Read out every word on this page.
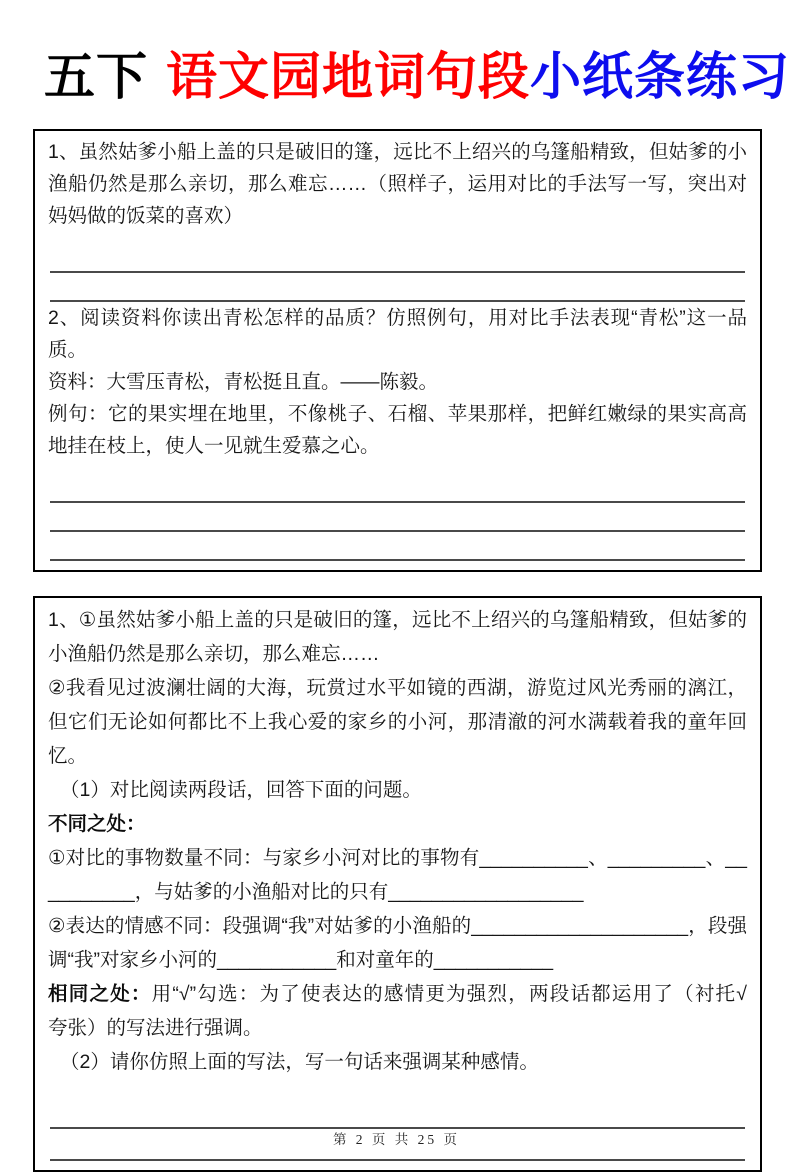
五下 语文园地词句段小纸条练习

1、虽然姑爹小船上盖的只是破旧的篷，远比不上绍兴的乌篷船精致，但姑爹的小渔船仍然是那么亲切，那么难忘……（照样子，运用对比的手法写一写，突出对妈妈做的饭菜的喜欢）

2、阅读资料你读出青松怎样的品质？仿照例句，用对比手法表现“青松”这一品质。

资料：大雪压青松，青松挺且直。——陈毅。

例句：它的果实埋在地里，不像桃子、石榴、苹果那样，把鲜红嫩绿的果实高高地挂在枝上，使人一见就生爱慕之心。

1、①虽然姑爹小船上盖的只是破旧的篷，远比不上绍兴的乌篷船精致，但姑爹的小渔船仍然是那么亲切，那么难忘……

②我看见过波澜壮阔的大海，玩赏过水平如镜的西湖，游览过风光秀丽的漓江，但它们无论如何都比不上我心爱的家乡的小河，那清澈的河水满载着我的童年回忆。

（1）对比阅读两段话，回答下面的问题。

不同之处：

①对比的事物数量不同：与家乡小河对比的事物有__________、_________、__________，与姑爹的小渔船对比的只有__________________

②表达的情感不同：段强调“我”对姑爹的小渔船的____________________，段强调“我”对家乡小河的___________和对童年的___________

相同之处：用“√”勾选：为了使表达的感情更为强烈，两段话都运用了（衬托√　　夸张）的写法进行强调。

（2）请你仿照上面的写法，写一句话来强调某种感情。

第 2 页 共 25 页
